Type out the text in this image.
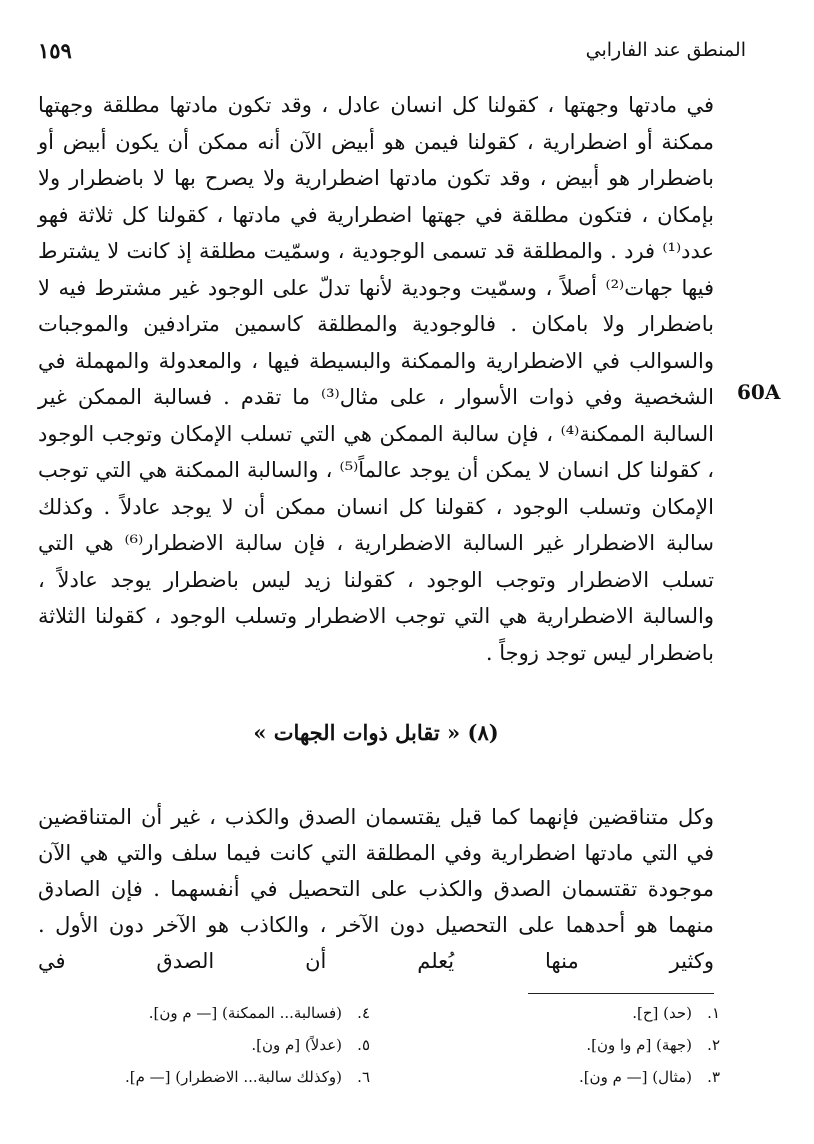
المنطق عند الفارابي
١٥٩
60A

في مادتها وجهتها ، كقولنا كل انسان عادل ، وقد تكون مادتها مطلقة وجهتها ممكنة أو اضطرارية ، كقولنا فيمن هو أبيض الآن أنه ممكن أن يكون أبيض أو باضطرار هو أبيض ، وقد تكون مادتها اضطرارية ولا يصرح بها لا باضطرار ولا بإمكان ، فتكون مطلقة في جهتها اضطرارية في مادتها ، كقولنا كل ثلاثة فهو عدد⁽¹⁾ فرد . والمطلقة قد تسمى الوجودية ، وسمّيت مطلقة إذ كانت لا يشترط فيها جهات⁽²⁾ أصلاً ، وسمّيت وجودية لأنها تدلّ على الوجود غير مشترط فيه لا باضطرار ولا بامكان . فالوجودية والمطلقة كاسمين مترادفين والموجبات والسوالب في الاضطرارية والممكنة والبسيطة فيها ، والمعدولة والمهملة في الشخصية وفي ذوات الأسوار ، على مثال⁽³⁾ ما تقدم . فسالبة الممكن غير السالبة الممكنة⁽⁴⁾ ، فإن سالبة الممكن هي التي تسلب الإمكان وتوجب الوجود ، كقولنا كل انسان لا يمكن أن يوجد عالماً⁽⁵⁾ ، والسالبة الممكنة هي التي توجب الإمكان وتسلب الوجود ، كقولنا كل انسان ممكن أن لا يوجد عادلاً . وكذلك سالبة الاضطرار غير السالبة الاضطرارية ، فإن سالبة الاضطرار⁽⁶⁾ هي التي تسلب الاضطرار وتوجب الوجود ، كقولنا زيد ليس باضطرار يوجد عادلاً ، والسالبة الاضطرارية هي التي توجب الاضطرار وتسلب الوجود ، كقولنا الثلاثة باضطرار ليس توجد زوجاً .

(٨) « تقابل ذوات الجهات »

وكل متناقضين فإنهما كما قيل يقتسمان الصدق والكذب ، غير أن المتناقضين في التي مادتها اضطرارية وفي المطلقة التي كانت فيما سلف والتي هي الآن موجودة تقتسمان الصدق والكذب على التحصيل في أنفسهما . فإن الصادق منهما هو أحدهما على التحصيل دون الآخر ، والكاذب هو الآخر دون الأول . وكثير منها يُعلم أن الصدق في

١.(حد) [ح].
٤.(فسالبة... الممكنة) [— م ون].
٢.(جهة) [م وا ون].
٥.(عدلاً) [م ون].
٣.(مثال) [— م ون].
٦.(وكذلك سالبة... الاضطرار) [— م].
